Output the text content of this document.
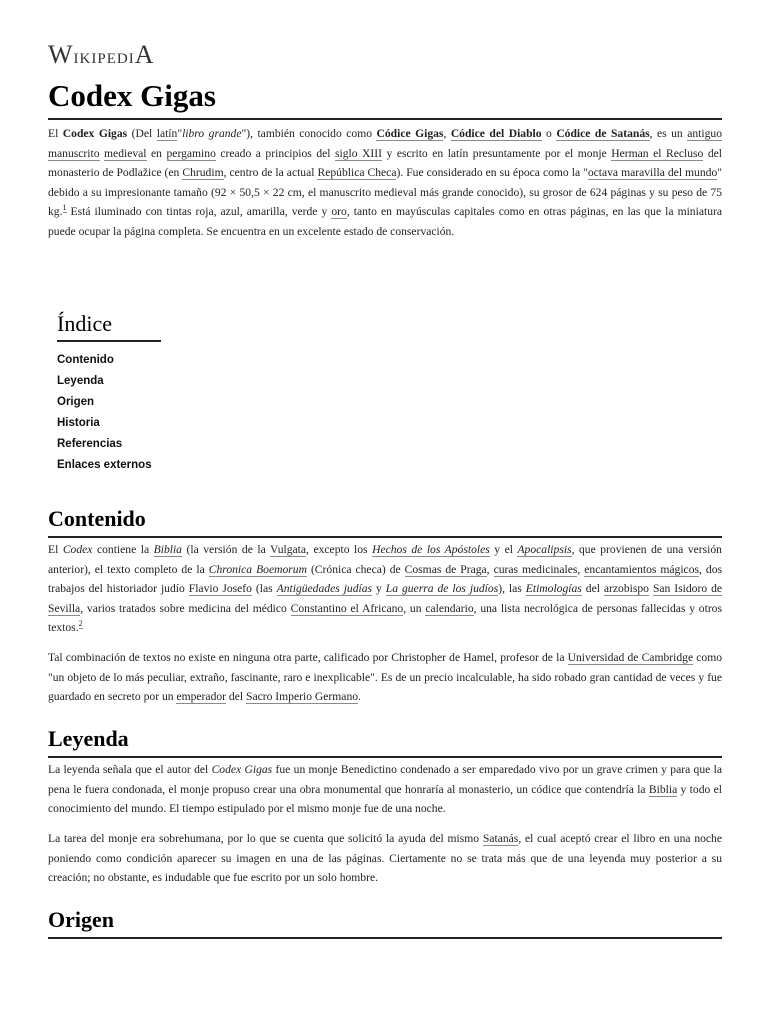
WikipediA
Codex Gigas

El Codex Gigas (Del latín"libro grande"), también conocido como Códice Gigas, Códice del Diablo o Códice de Satanás, es un antiguo manuscrito medieval en pergamino creado a principios del siglo XIII y escrito en latín presuntamente por el monje Herman el Recluso del monasterio de Podlažice (en Chrudim, centro de la actual República Checa). Fue considerado en su época como la "octava maravilla del mundo" debido a su impresionante tamaño (92 × 50,5 × 22 cm, el manuscrito medieval más grande conocido), su grosor de 624 páginas y su peso de 75 kg.$^1$ Está iluminado con tintas roja, azul, amarilla, verde y oro, tanto en mayúsculas capitales como en otras páginas, en las que la miniatura puede ocupar la página completa. Se encuentra en un excelente estado de conservación.

Índice
Contenido
Leyenda
Origen
Historia
Referencias
Enlaces externos
Contenido

El Codex contiene la Biblia (la versión de la Vulgata, excepto los Hechos de los Apóstoles y el Apocalipsis, que provienen de una versión anterior), el texto completo de la Chronica Boemorum (Crónica checa) de Cosmas de Praga, curas medicinales, encantamientos mágicos, dos trabajos del historiador judío Flavio Josefo (las Antigüedades judías y La guerra de los judíos), las Etimologías del arzobispo San Isidoro de Sevilla, varios tratados sobre medicina del médico Constantino el Africano, un calendario, una lista necrológica de personas fallecidas y otros textos.$^2$

Tal combinación de textos no existe en ninguna otra parte, calificado por Christopher de Hamel, profesor de la Universidad de Cambridge como "un objeto de lo más peculiar, extraño, fascinante, raro e inexplicable". Es de un precio incalculable, ha sido robado gran cantidad de veces y fue guardado en secreto por un emperador del Sacro Imperio Germano.

Leyenda

La leyenda señala que el autor del Codex Gigas fue un monje Benedictino condenado a ser emparedado vivo por un grave crimen y para que la pena le fuera condonada, el monje propuso crear una obra monumental que honraría al monasterio, un códice que contendría la Biblia y todo el conocimiento del mundo. El tiempo estipulado por el mismo monje fue de una noche.

La tarea del monje era sobrehumana, por lo que se cuenta que solicitó la ayuda del mismo Satanás, el cual aceptó crear el libro en una noche poniendo como condición aparecer su imagen en una de las páginas. Ciertamente no se trata más que de una leyenda muy posterior a su creación; no obstante, es indudable que fue escrito por un solo hombre.

Origen
